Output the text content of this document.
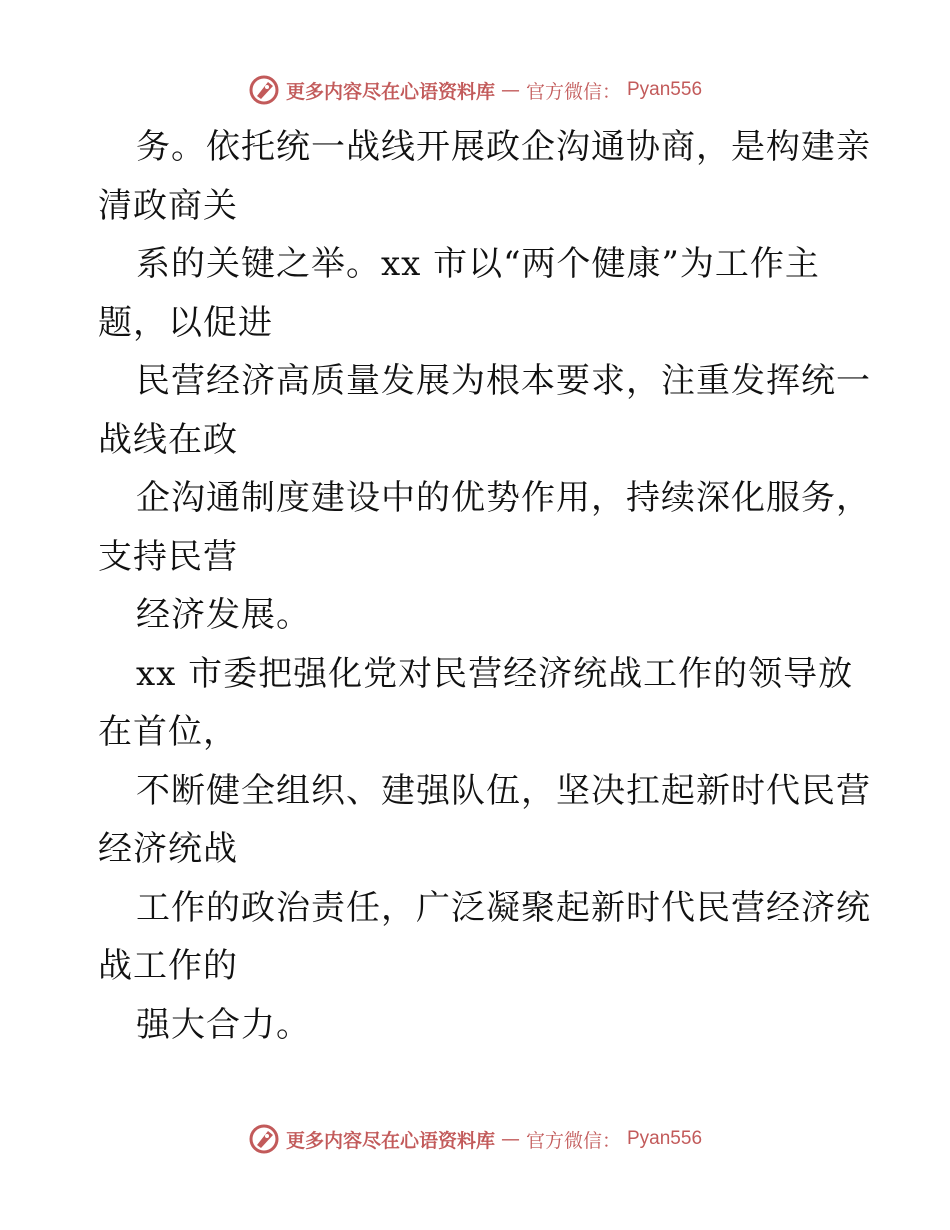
更多内容尽在心语资料库 — 官方微信： Pyan556
务。依托统一战线开展政企沟通协商，是构建亲
清政商关
系的关键之举。xx 市以“两个健康”为工作主
题，以促进
民营经济高质量发展为根本要求，注重发挥统一
战线在政
企沟通制度建设中的优势作用，持续深化服务，
支持民营
经济发展。
xx 市委把强化党对民营经济统战工作的领导放
在首位，
不断健全组织、建强队伍，坚决扛起新时代民营
经济统战
工作的政治责任，广泛凝聚起新时代民营经济统
战工作的
强大合力。
更多内容尽在心语资料库 — 官方微信： Pyan556
